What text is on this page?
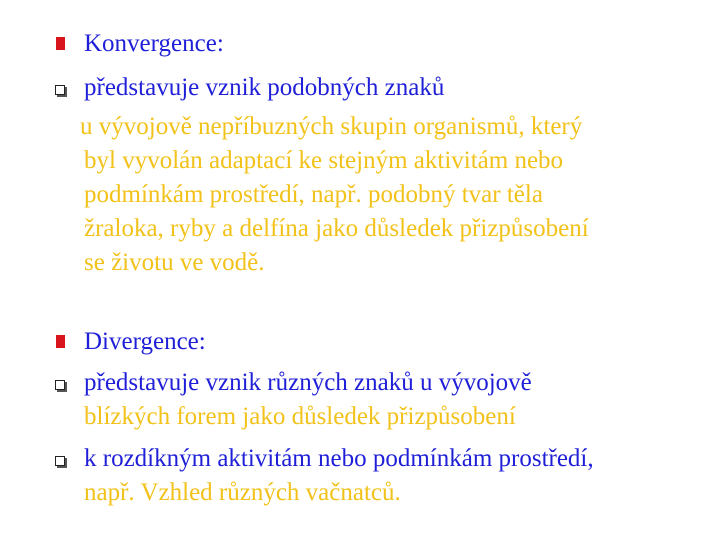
Konvergence:
představuje vznik podobných znaků
u vývojově nepříbuzných skupin organismů, který
byl vyvolán adaptací ke stejným aktivitám nebo
podmínkám prostředí, např. podobný tvar těla
žraloka, ryby a delfína jako důsledek přizpůsobení
se životu ve vodě.
Divergence:
představuje vznik různých znaků u vývojově
blízkých forem jako důsledek přizpůsobení
k rozdíkným aktivitám nebo podmínkám prostředí,
např. Vzhled různých vačnatců.
